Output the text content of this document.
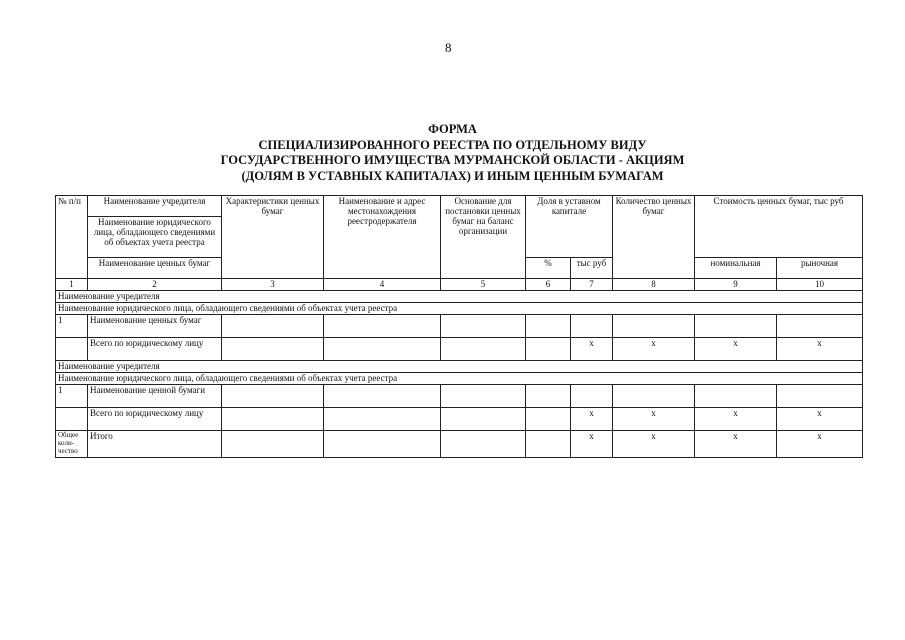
8
ФОРМА
СПЕЦИАЛИЗИРОВАННОГО РЕЕСТРА ПО ОТДЕЛЬНОМУ ВИДУ
ГОСУДАРСТВЕННОГО ИМУЩЕСТВА МУРМАНСКОЙ ОБЛАСТИ - АКЦИЯМ
(ДОЛЯМ В УСТАВНЫХ КАПИТАЛАХ) И ИНЫМ ЦЕННЫМ БУМАГАМ
№ п/п	Наименование учредителя	Характеристики ценных бумаг	Наименование и адрес местонахождения реестродержателя	Основание для постановки ценных бумаг на баланс организации	Доля в уставном капитале		Количество ценных бумаг	Стоимость ценных бумаг, тыс руб	
	Наименование юридического лица, обладающего сведениями об объектах учета реестра								
	Наименование ценных бумаг				%	тыс руб		номинальная	рыночная
1	2	3	4	5	6	7	8	9	10
Наименование учредителя									
Наименование юридического лица, обладающего сведениями об объектах учета реестра									
1	Наименование ценных бумаг								
	Всего по юридическому лицу					x	x	x	x
Наименование учредителя									
Наименование юридического лица, обладающего сведениями об объектах учета реестра									
1	Наименование ценной бумаги								
	Всего по юридическому лицу					x	x	x	x
Общее коли-чество	Итого					x	x	x	x
